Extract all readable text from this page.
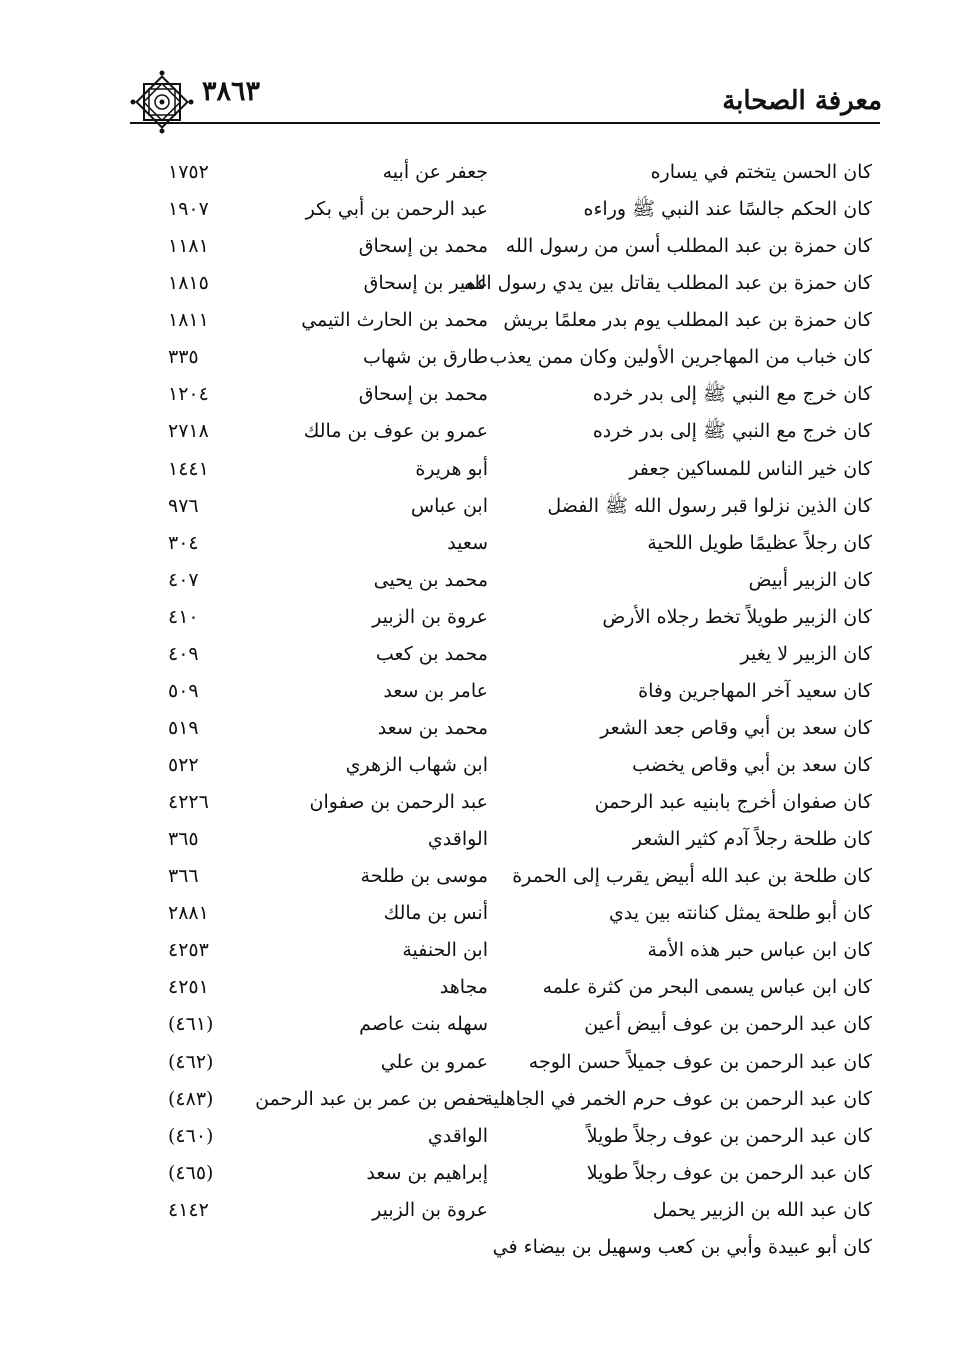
٣٨٦٣	معرفة الصحابة
كان الحسن يتختم في يساره
جعفر عن أبيه
١٧٥٢
كان الحكم جالسًا عند النبي ﷺ وراءه
عبد الرحمن بن أبي بكر
١٩٠٧
كان حمزة بن عبد المطلب أسن من رسول الله
محمد بن إسحاق
١١٨١
كان حمزة بن عبد المطلب يقاتل بين يدي رسول الله
عمير بن إسحاق
١٨١٥
كان حمزة بن عبد المطلب يوم بدر معلمًا بريش
محمد بن الحارث التيمي
١٨١١
كان خباب من المهاجرين الأولين وكان ممن يعذب
طارق بن شهاب
٣٣٥
كان خرج مع النبي ﷺ إلى بدر خرده
محمد بن إسحاق
١٢٠٤
كان خرج مع النبي ﷺ إلى بدر خرده
عمرو بن عوف بن مالك
٢٧١٨
كان خير الناس للمساكين جعفر
أبو هريرة
١٤٤١
كان الذين نزلوا قبر رسول الله ﷺ الفضل
ابن عباس
٩٧٦
كان رجلاً عظيمًا طويل اللحية
سعيد
٣٠٤
كان الزبير أبيض
محمد بن يحيى
٤٠٧
كان الزبير طويلاً تخط رجلاه الأرض
عروة بن الزبير
٤١٠
كان الزبير لا يغير
محمد بن كعب
٤٠٩
كان سعيد آخر المهاجرين وفاة
عامر بن سعد
٥٠٩
كان سعد بن أبي وقاص جعد الشعر
محمد بن سعد
٥١٩
كان سعد بن أبي وقاص يخضب
ابن شهاب الزهري
٥٢٢
كان صفوان أخرج بابنيه عبد الرحمن
عبد الرحمن بن صفوان
٤٢٢٦
كان طلحة رجلاً آدم كثير الشعر
الواقدي
٣٦٥
كان طلحة بن عبد الله أبيض يقرب إلى الحمرة
موسى بن طلحة
٣٦٦
كان أبو طلحة يمثل كنانته بين يدي
أنس بن مالك
٢٨٨١
كان ابن عباس حبر هذه الأمة
ابن الحنفية
٤٢٥٣
كان ابن عباس يسمى البحر من كثرة علمه
مجاهد
٤٢٥١
كان عبد الرحمن بن عوف أبيض أعين
سهله بنت عاصم
(٤٦١)
كان عبد الرحمن بن عوف جميلاً حسن الوجه
عمرو بن علي
(٤٦٢)
كان عبد الرحمن بن عوف حرم الخمر في الجاهلية
حفص بن عمر بن عبد الرحمن
(٤٨٣)
كان عبد الرحمن بن عوف رجلاً طويلاً
الواقدي
(٤٦٠)
كان عبد الرحمن بن عوف رجلاً طويلا
إبراهيم بن سعد
(٤٦٥)
كان عبد الله بن الزبير يحمل
عروة بن الزبير
٤١٤٢
كان أبو عبيدة وأبي بن كعب وسهيل بن بيضاء في
